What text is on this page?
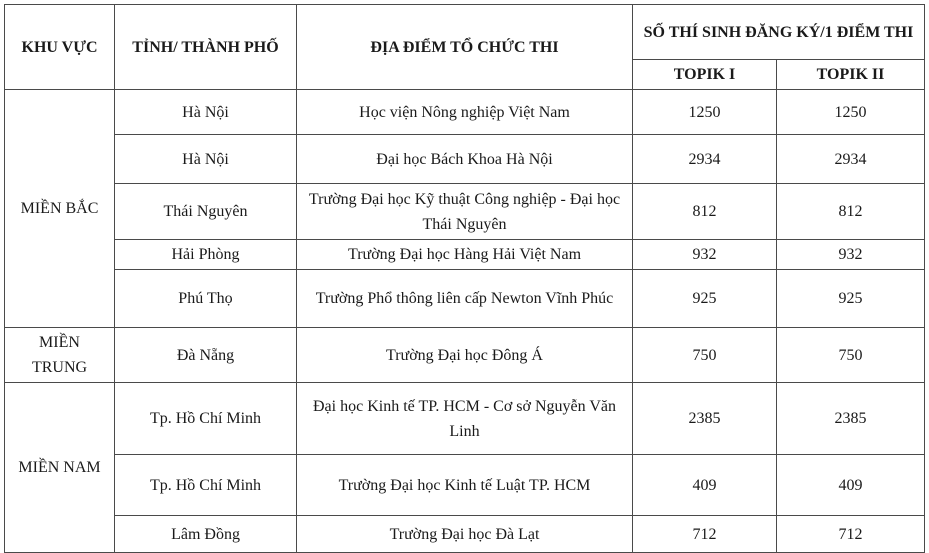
KHU VỰC	TỈNH/ THÀNH PHỐ	ĐỊA ĐIỂM TỔ CHỨC THI	SỐ THÍ SINH ĐĂNG KÝ/1 ĐIỂM THI	
			TOPIK I	TOPIK II
MIỀN BẮC	Hà Nội	Học viện Nông nghiệp Việt Nam	1250	1250
	Hà Nội	Đại học Bách Khoa Hà Nội	2934	2934
	Thái Nguyên	Trường Đại học Kỹ thuật Công nghiệp - Đại học Thái Nguyên	812	812
	Hải Phòng	Trường Đại học Hàng Hải Việt Nam	932	932
	Phú Thọ	Trường Phổ thông liên cấp Newton Vĩnh Phúc	925	925
MIỀN TRUNG	Đà Nẵng	Trường Đại học Đông Á	750	750
MIỀN NAM	Tp. Hồ Chí Minh	Đại học Kinh tế TP. HCM - Cơ sở Nguyễn Văn Linh	2385	2385
	Tp. Hồ Chí Minh	Trường Đại học Kinh tế Luật TP. HCM	409	409
	Lâm Đồng	Trường Đại học Đà Lạt	712	712
